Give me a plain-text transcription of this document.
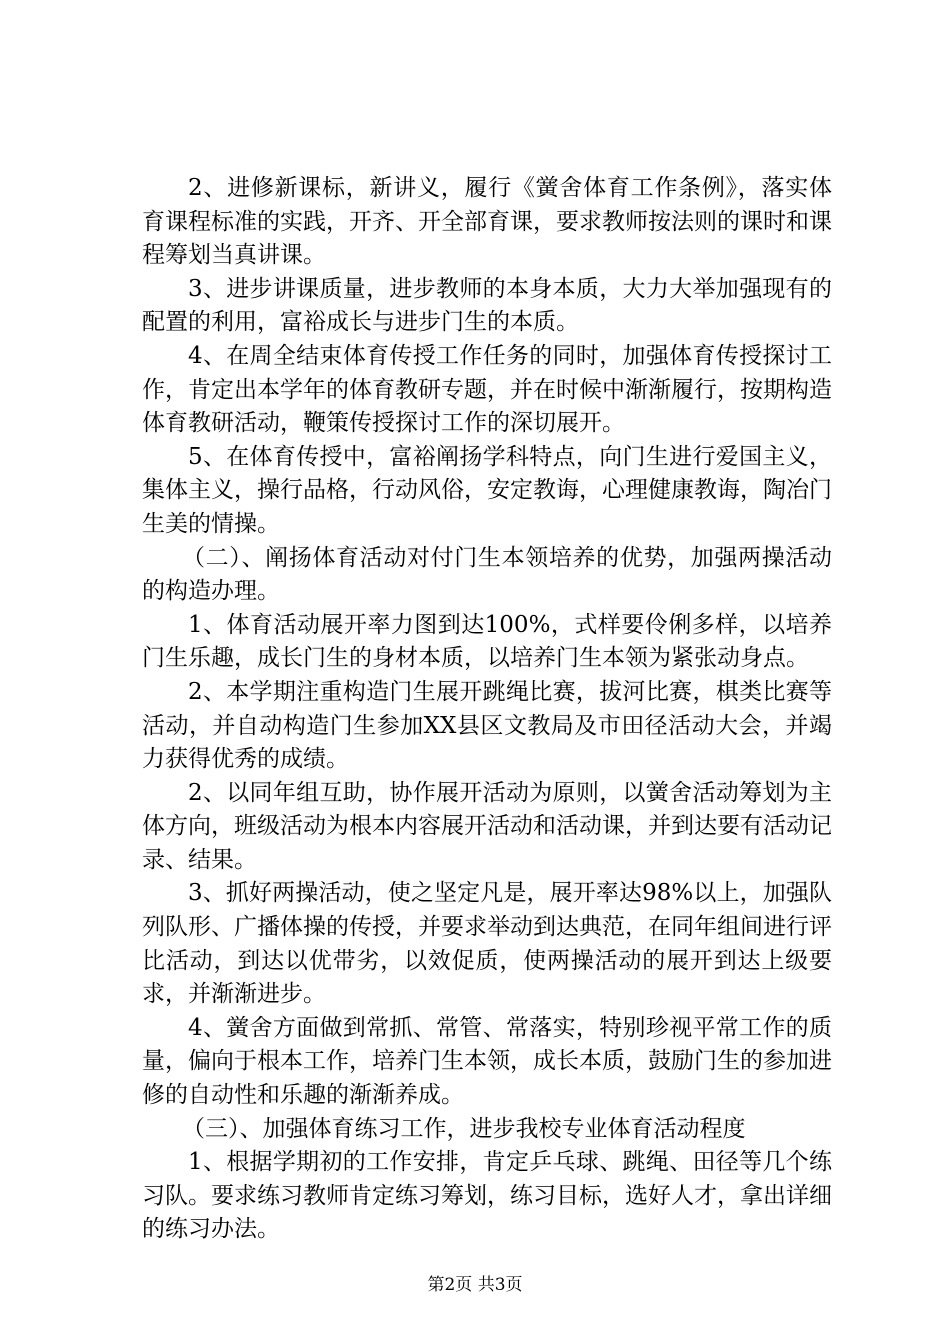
2、进修新课标，新讲义，履行《黉舍体育工作条例》，落实体育课程标准的实践，开齐、开全部育课，要求教师按法则的课时和课程筹划当真讲课。

3、进步讲课质量，进步教师的本身本质，大力大举加强现有的配置的利用，富裕成长与进步门生的本质。

4、在周全结束体育传授工作任务的同时，加强体育传授探讨工作，肯定出本学年的体育教研专题，并在时候中渐渐履行，按期构造体育教研活动，鞭策传授探讨工作的深切展开。

5、在体育传授中，富裕阐扬学科特点，向门生进行爱国主义，集体主义，操行品格，行动风俗，安定教诲，心理健康教诲，陶冶门生美的情操。

（二）、阐扬体育活动对付门生本领培养的优势，加强两操活动的构造办理。

1、体育活动展开率力图到达100%，式样要伶俐多样，以培养门生乐趣，成长门生的身材本质，以培养门生本领为紧张动身点。

2、本学期注重构造门生展开跳绳比赛，拔河比赛，棋类比赛等活动，并自动构造门生参加XX县区文教局及市田径活动大会，并竭力获得优秀的成绩。

2、以同年组互助，协作展开活动为原则，以黉舍活动筹划为主体方向，班级活动为根本内容展开活动和活动课，并到达要有活动记录、结果。

3、抓好两操活动，使之坚定凡是，展开率达98%以上，加强队列队形、广播体操的传授，并要求举动到达典范，在同年组间进行评比活动，到达以优带劣，以效促质，使两操活动的展开到达上级要求，并渐渐进步。

4、黉舍方面做到常抓、常管、常落实，特别珍视平常工作的质量，偏向于根本工作，培养门生本领，成长本质，鼓励门生的参加进修的自动性和乐趣的渐渐养成。

（三）、加强体育练习工作，进步我校专业体育活动程度

1、根据学期初的工作安排，肯定乒乓球、跳绳、田径等几个练习队。要求练习教师肯定练习筹划，练习目标，选好人才，拿出详细的练习办法。

第2页 共3页
